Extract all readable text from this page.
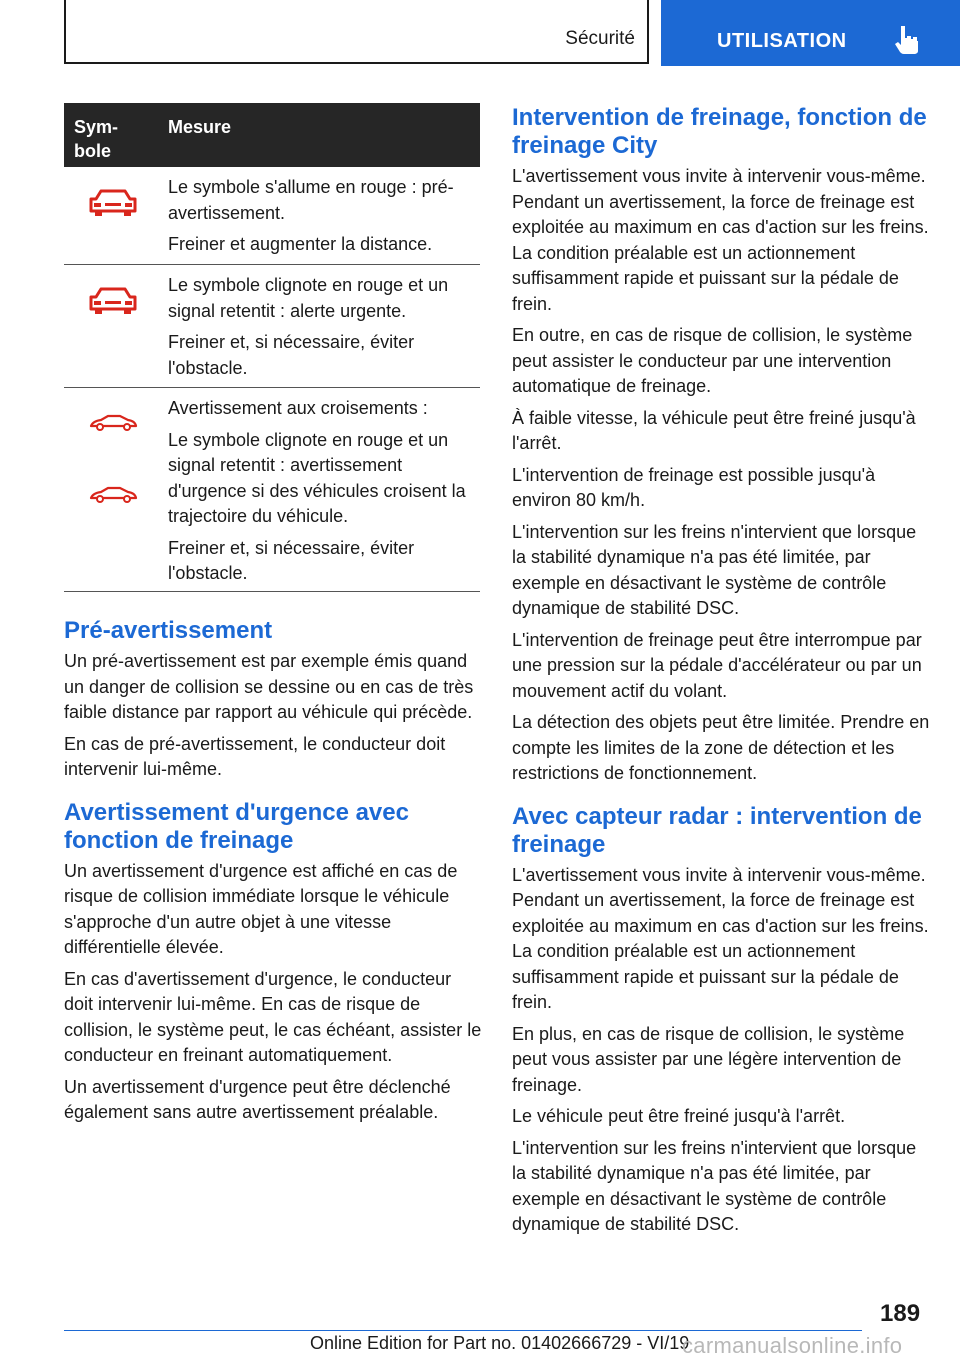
Sécurité	UTILISATION
Sym-
bole
Mesure

Le symbole s'allume en rouge : pré-avertissement.

Freiner et augmenter la distance.

Le symbole clignote en rouge et un signal retentit : alerte urgente.

Freiner et, si nécessaire, éviter l'obstacle.

Avertissement aux croisements :

Le symbole clignote en rouge et un signal retentit : avertissement d'urgence si des véhicules croisent la trajectoire du véhicule.

Freiner et, si nécessaire, éviter l'obstacle.

Pré-avertissement

Un pré-avertissement est par exemple émis quand un danger de collision se dessine ou en cas de très faible distance par rapport au véhicule qui précède.

En cas de pré-avertissement, le conducteur doit intervenir lui-même.

Avertissement d'urgence avec fonction de freinage

Un avertissement d'urgence est affiché en cas de risque de collision immédiate lorsque le véhicule s'approche d'un autre objet à une vitesse différentielle élevée.

En cas d'avertissement d'urgence, le conducteur doit intervenir lui-même. En cas de risque de collision, le système peut, le cas échéant, assister le conducteur en freinant automatiquement.

Un avertissement d'urgence peut être déclenché également sans autre avertissement préalable.

Intervention de freinage, fonction de freinage City

L'avertissement vous invite à intervenir vous-même. Pendant un avertissement, la force de freinage est exploitée au maximum en cas d'action sur les freins. La condition préalable est un actionnement suffisamment rapide et puissant sur la pédale de frein.

En outre, en cas de risque de collision, le système peut assister le conducteur par une intervention automatique de freinage.

À faible vitesse, la véhicule peut être freiné jusqu'à l'arrêt.

L'intervention de freinage est possible jusqu'à environ 80 km/h.

L'intervention sur les freins n'intervient que lorsque la stabilité dynamique n'a pas été limitée, par exemple en désactivant le système de contrôle dynamique de stabilité DSC.

L'intervention de freinage peut être interrompue par une pression sur la pédale d'accélérateur ou par un mouvement actif du volant.

La détection des objets peut être limitée. Prendre en compte les limites de la zone de détection et les restrictions de fonctionnement.

Avec capteur radar : intervention de freinage

L'avertissement vous invite à intervenir vous-même. Pendant un avertissement, la force de freinage est exploitée au maximum en cas d'action sur les freins. La condition préalable est un actionnement suffisamment rapide et puissant sur la pédale de frein.

En plus, en cas de risque de collision, le système peut vous assister par une légère intervention de freinage.

Le véhicule peut être freiné jusqu'à l'arrêt.

L'intervention sur les freins n'intervient que lorsque la stabilité dynamique n'a pas été limitée, par exemple en désactivant le système de contrôle dynamique de stabilité DSC.

189
Online Edition for Part no. 01402666729 - VI/19
carmanualsonline.info
